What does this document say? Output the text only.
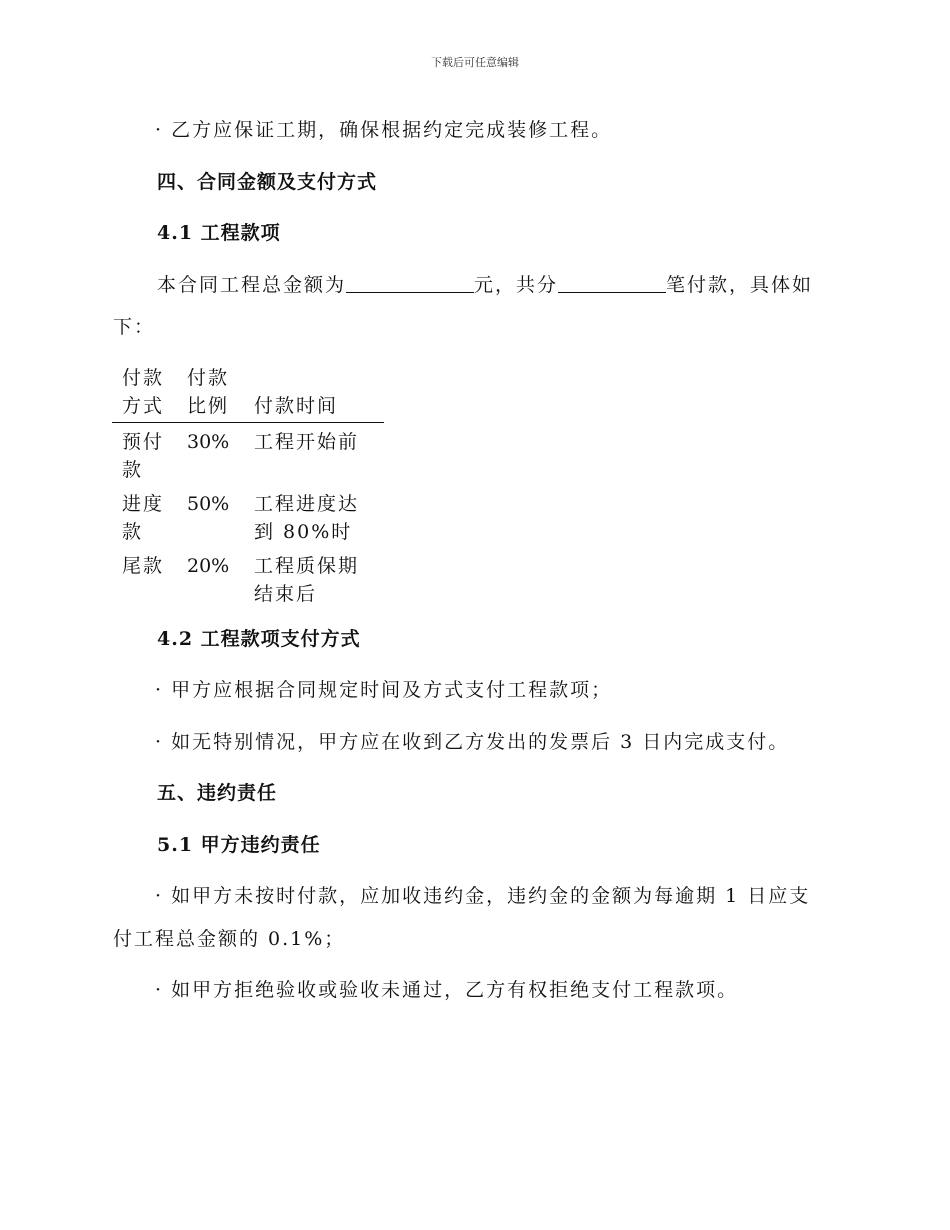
下载后可任意编辑
· 乙方应保证工期，确保根据约定完成装修工程。
四、合同金额及支付方式
4.1 工程款项
本合同工程总金额为	元，共分	笔付款，具体如
下：
付款
方式
付款
比例 付款时间
预付
款
30% 工程开始前
进度
款
50% 工程进度达
到 80%时
尾款 20% 工程质保期
结束后
4.2 工程款项支付方式
· 甲方应根据合同规定时间及方式支付工程款项；
· 如无特别情况，甲方应在收到乙方发出的发票后 3 日内完成支付。
五、违约责任
5.1 甲方违约责任
· 如甲方未按时付款，应加收违约金，违约金的金额为每逾期 1 日应支
付工程总金额的 0.1%；
· 如甲方拒绝验收或验收未通过，乙方有权拒绝支付工程款项。
